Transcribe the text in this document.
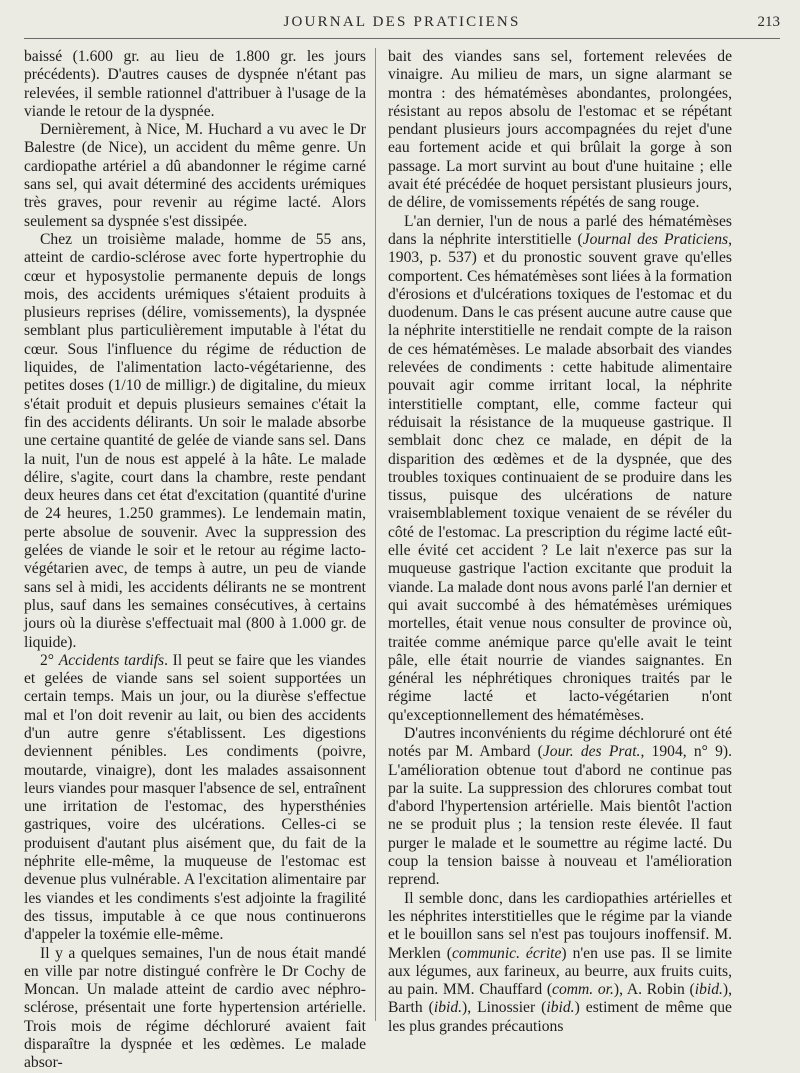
JOURNAL DES PRATICIENS	213

baissé (1.600 gr. au lieu de 1.800 gr. les jours précédents). D'autres causes de dyspnée n'étant pas relevées, il semble rationnel d'attribuer à l'usage de la viande le retour de la dyspnée.

Dernièrement, à Nice, M. Huchard a vu avec le Dr Balestre (de Nice), un accident du même genre. Un cardiopathe artériel a dû abandonner le régime carné sans sel, qui avait déterminé des accidents urémiques très graves, pour revenir au régime lacté. Alors seulement sa dyspnée s'est dissipée.

Chez un troisième malade, homme de 55 ans, atteint de cardio-sclérose avec forte hypertrophie du cœur et hyposystolie permanente depuis de longs mois, des accidents urémiques s'étaient produits à plusieurs reprises (délire, vomissements), la dyspnée semblant plus particulièrement imputable à l'état du cœur. Sous l'influence du régime de réduction de liquides, de l'alimentation lacto-végétarienne, des petites doses (1/10 de milligr.) de digitaline, du mieux s'était produit et depuis plusieurs semaines c'était la fin des accidents délirants. Un soir le malade absorbe une certaine quantité de gelée de viande sans sel. Dans la nuit, l'un de nous est appelé à la hâte. Le malade délire, s'agite, court dans la chambre, reste pendant deux heures dans cet état d'excitation (quantité d'urine de 24 heures, 1.250 grammes). Le lendemain matin, perte absolue de souvenir. Avec la suppression des gelées de viande le soir et le retour au régime lacto-végétarien avec, de temps à autre, un peu de viande sans sel à midi, les accidents délirants ne se montrent plus, sauf dans les semaines consécutives, à certains jours où la diurèse s'effectuait mal (800 à 1.000 gr. de liquide).

2° Accidents tardifs. Il peut se faire que les viandes et gelées de viande sans sel soient supportées un certain temps. Mais un jour, ou la diurèse s'effectue mal et l'on doit revenir au lait, ou bien des accidents d'un autre genre s'établissent. Les digestions deviennent pénibles. Les condiments (poivre, moutarde, vinaigre), dont les malades assaisonnent leurs viandes pour masquer l'absence de sel, entraînent une irritation de l'estomac, des hypersthénies gastriques, voire des ulcérations. Celles-ci se produisent d'autant plus aisément que, du fait de la néphrite elle-même, la muqueuse de l'estomac est devenue plus vulnérable. A l'excitation alimentaire par les viandes et les condiments s'est adjointe la fragilité des tissus, imputable à ce que nous continuerons d'appeler la toxémie elle-même.

Il y a quelques semaines, l'un de nous était mandé en ville par notre distingué confrère le Dr Cochy de Moncan. Un malade atteint de cardio avec néphro-sclérose, présentait une forte hypertension artérielle. Trois mois de régime déchloruré avaient fait disparaître la dyspnée et les œdèmes. Le malade absor-

bait des viandes sans sel, fortement relevées de vinaigre. Au milieu de mars, un signe alarmant se montra : des hématémèses abondantes, prolongées, résistant au repos absolu de l'estomac et se répétant pendant plusieurs jours accompagnées du rejet d'une eau fortement acide et qui brûlait la gorge à son passage. La mort survint au bout d'une huitaine ; elle avait été précédée de hoquet persistant plusieurs jours, de délire, de vomissements répétés de sang rouge.

L'an dernier, l'un de nous a parlé des hématémèses dans la néphrite interstitielle (Journal des Praticiens, 1903, p. 537) et du pronostic souvent grave qu'elles comportent. Ces hématémèses sont liées à la formation d'érosions et d'ulcérations toxiques de l'estomac et du duodenum. Dans le cas présent aucune autre cause que la néphrite interstitielle ne rendait compte de la raison de ces hématémèses. Le malade absorbait des viandes relevées de condiments : cette habitude alimentaire pouvait agir comme irritant local, la néphrite interstitielle comptant, elle, comme facteur qui réduisait la résistance de la muqueuse gastrique. Il semblait donc chez ce malade, en dépit de la disparition des œdèmes et de la dyspnée, que des troubles toxiques continuaient de se produire dans les tissus, puisque des ulcérations de nature vraisemblablement toxique venaient de se révéler du côté de l'estomac. La prescription du régime lacté eût-elle évité cet accident ? Le lait n'exerce pas sur la muqueuse gastrique l'action excitante que produit la viande. La malade dont nous avons parlé l'an dernier et qui avait succombé à des hématémèses urémiques mortelles, était venue nous consulter de province où, traitée comme anémique parce qu'elle avait le teint pâle, elle était nourrie de viandes saignantes. En général les néphrétiques chroniques traités par le régime lacté et lacto-végétarien n'ont qu'exceptionnellement des hématémèses.

D'autres inconvénients du régime déchloruré ont été notés par M. Ambard (Jour. des Prat., 1904, n° 9). L'amélioration obtenue tout d'abord ne continue pas par la suite. La suppression des chlorures combat tout d'abord l'hypertension artérielle. Mais bientôt l'action ne se produit plus ; la tension reste élevée. Il faut purger le malade et le soumettre au régime lacté. Du coup la tension baisse à nouveau et l'amélioration reprend.

Il semble donc, dans les cardiopathies artérielles et les néphrites interstitielles que le régime par la viande et le bouillon sans sel n'est pas toujours inoffensif. M. Merklen (communic. écrite) n'en use pas. Il se limite aux légumes, aux farineux, au beurre, aux fruits cuits, au pain. MM. Chauffard (comm. or.), A. Robin (ibid.), Barth (ibid.), Linossier (ibid.) estiment de même que les plus grandes précautions
